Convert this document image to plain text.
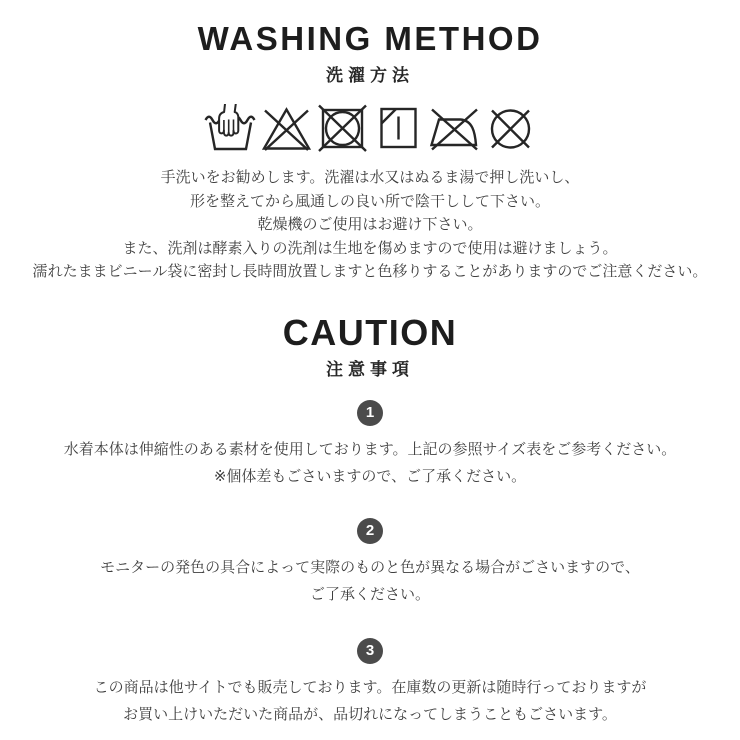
WASHING METHOD
洗濯方法
手洗いをお勧めします。洗濯は水又はぬるま湯で押し洗いし、
形を整えてから風通しの良い所で陰干しして下さい。
乾燥機のご使用はお避け下さい。
また、洗剤は酵素入りの洗剤は生地を傷めますので使用は避けましょう。
濡れたままビニール袋に密封し長時間放置しますと色移りすることがありますのでご注意ください。
CAUTION
注意事項
1
水着本体は伸縮性のある素材を使用しております。上記の参照サイズ表をご参考ください。
※個体差もごさいますので、ご了承ください。
2
モニターの発色の具合によって実際のものと色が異なる場合がごさいますので、
ご了承ください。
3
この商品は他サイトでも販売しております。在庫数の更新は随時行っておりますが
お買い上けいただいた商品が、品切れになってしまうこともごさいます。
